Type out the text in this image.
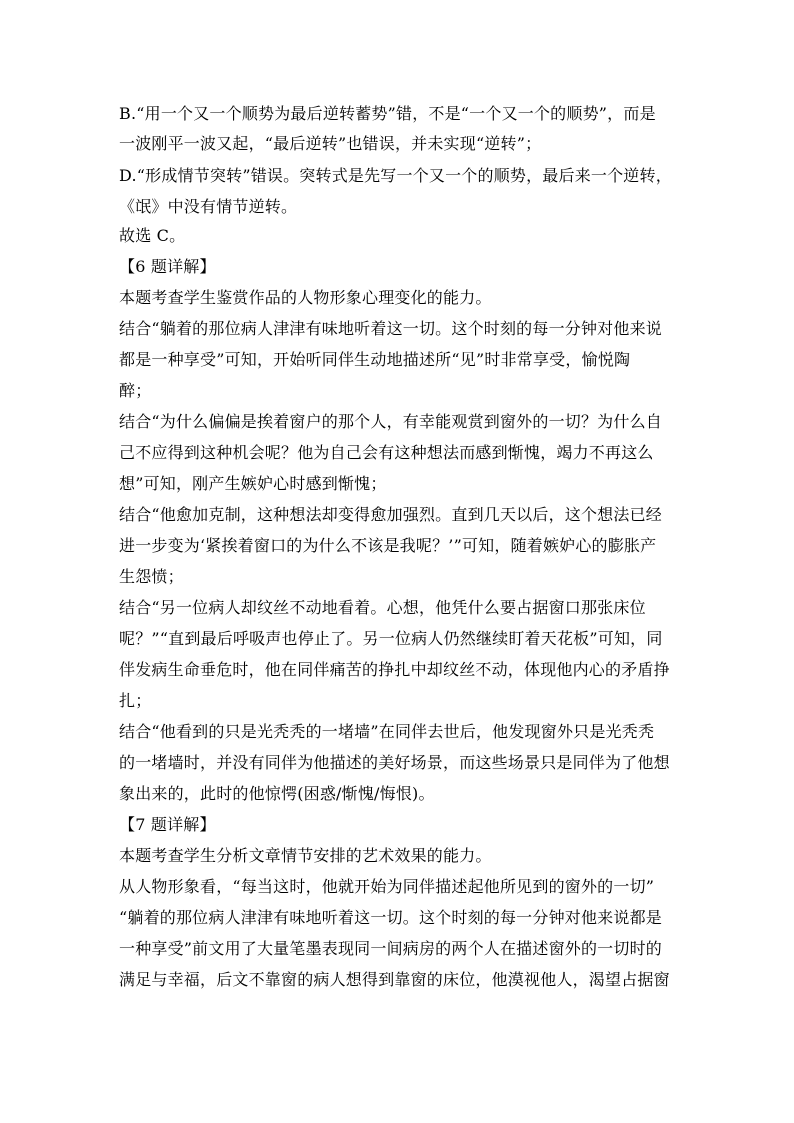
B.“用一个又一个顺势为最后逆转蓄势”错，不是“一个又一个的顺势”，而是
一波刚平一波又起，“最后逆转”也错误，并未实现“逆转”；
D.“形成情节突转”错误。突转式是先写一个又一个的顺势，最后来一个逆转，
《氓》中没有情节逆转。
故选 C。
【6 题详解】
本题考查学生鉴赏作品的人物形象心理变化的能力。
结合“躺着的那位病人津津有味地听着这一切。这个时刻的每一分钟对他来说
都是一种享受”可知，开始听同伴生动地描述所“见”时非常享受，愉悦陶
醉；
结合“为什么偏偏是挨着窗户的那个人，有幸能观赏到窗外的一切？为什么自
己不应得到这种机会呢？他为自己会有这种想法而感到惭愧，竭力不再这么
想”可知，刚产生嫉妒心时感到惭愧；
结合“他愈加克制，这种想法却变得愈加强烈。直到几天以后，这个想法已经
进一步变为‘紧挨着窗口的为什么不该是我呢？’”可知，随着嫉妒心的膨胀产
生怨愤；
结合“另一位病人却纹丝不动地看着。心想，他凭什么要占据窗口那张床位
呢？”“直到最后呼吸声也停止了。另一位病人仍然继续盯着天花板”可知，同
伴发病生命垂危时，他在同伴痛苦的挣扎中却纹丝不动，体现他内心的矛盾挣
扎；
结合“他看到的只是光秃秃的一堵墙”在同伴去世后，他发现窗外只是光秃秃
的一堵墙时，并没有同伴为他描述的美好场景，而这些场景只是同伴为了他想
象出来的，此时的他惊愕(困惑/惭愧/悔恨)。
【7 题详解】
本题考查学生分析文章情节安排的艺术效果的能力。
从人物形象看，“每当这时，他就开始为同伴描述起他所见到的窗外的一切”
“躺着的那位病人津津有味地听着这一切。这个时刻的每一分钟对他来说都是
一种享受”前文用了大量笔墨表现同一间病房的两个人在描述窗外的一切时的
满足与幸福，后文不靠窗的病人想得到靠窗的床位，他漠视他人，渴望占据窗
